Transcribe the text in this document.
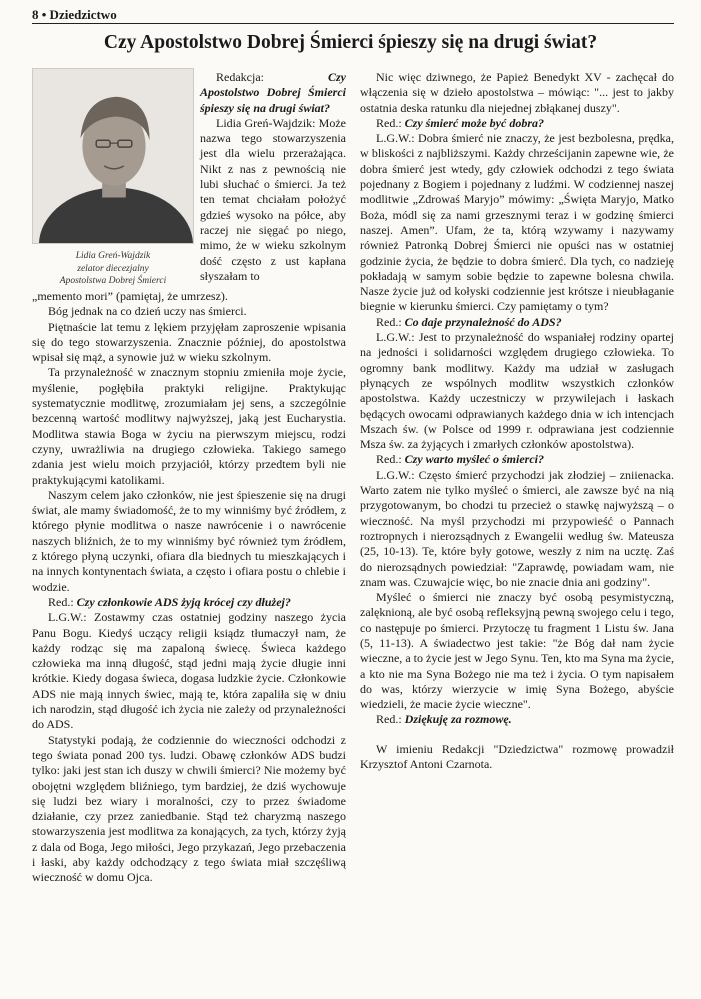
8 • Dziedzictwo
Czy Apostolstwo Dobrej Śmierci śpieszy się na drugi świat?
Lidia Greń-Wajdzik
zelator diecezjalny
Apostolstwa Dobrej Śmierci

Redakcja: Czy Apostolstwo Dobrej Śmierci śpieszy się na drugi świat?

Lidia Greń-Wajdzik: Może nazwa tego stowarzyszenia jest dla wielu przerażająca. Nikt z nas z pewnością nie lubi słuchać o śmierci. Ja też ten temat chciałam położyć gdzieś wysoko na półce, aby raczej nie sięgać po niego, mimo, że w wieku szkolnym dość często z ust kapłana słyszałam to

„memento mori” (pamiętaj, że umrzesz).

Bóg jednak na co dzień uczy nas śmierci.

Piętnaście lat temu z lękiem przyjęłam zaproszenie wpisania się do tego stowarzyszenia. Znacznie później, do apostolstwa wpisał się mąż, a synowie już w wieku szkolnym.

Ta przynależność w znacznym stopniu zmieniła moje życie, myślenie, pogłębiła praktyki religijne. Praktykując systematycznie modlitwę, zrozumiałam jej sens, a szczególnie bezcenną wartość modlitwy najwyższej, jaką jest Eucharystia. Modlitwa stawia Boga w życiu na pierwszym miejscu, rodzi czyny, uwrażliwia na drugiego człowieka. Takiego samego zdania jest wielu moich przyjaciół, którzy przedtem byli nie praktykującymi katolikami.

Naszym celem jako członków, nie jest śpieszenie się na drugi świat, ale mamy świadomość, że to my winniśmy być źródłem, z którego płynie modlitwa o nasze nawrócenie i o nawrócenie naszych bliźnich, że to my winniśmy być również tym źródłem, z którego płyną uczynki, ofiara dla biednych tu mieszkających i na innych kontynentach świata, a często i ofiara postu o chlebie i wodzie.

Red.: Czy członkowie ADS żyją krócej czy dłużej?

L.G.W.: Zostawmy czas ostatniej godziny naszego życia Panu Bogu. Kiedyś uczący religii ksiądz tłumaczył nam, że każdy rodząc się ma zapaloną świecę. Świeca każdego człowieka ma inną długość, stąd jedni mają życie długie inni krótkie. Kiedy dogasa świeca, dogasa ludzkie życie. Członkowie ADS nie mają innych świec, mają te, która zapaliła się w dniu ich narodzin, stąd długość ich życia nie zależy od przynależności do ADS.

Statystyki podają, że codziennie do wieczności odchodzi z tego świata ponad 200 tys. ludzi. Obawę członków ADS budzi tylko: jaki jest stan ich duszy w chwili śmierci? Nie możemy być obojętni względem bliźniego, tym bardziej, że dziś wychowuje się ludzi bez wiary i moralności, czy to przez świadome działanie, czy przez zaniedbanie. Stąd też charyzmą naszego stowarzyszenia jest modlitwa za konających, za tych, którzy żyją z dala od Boga, Jego miłości, Jego przykazań, Jego przebaczenia i łaski, aby każdy odchodzący z tego świata miał szczęśliwą wieczność w domu Ojca.

Nic więc dziwnego, że Papież Benedykt XV - zachęcał do włączenia się w dzieło apostolstwa – mówiąc: "... jest to jakby ostatnia deska ratunku dla niejednej zbłąkanej duszy".

Red.: Czy śmierć może być dobra?

L.G.W.: Dobra śmierć nie znaczy, że jest bezbolesna, prędka, w bliskości z najbliższymi. Każdy chrześcijanin zapewne wie, że dobra śmierć jest wtedy, gdy człowiek odchodzi z tego świata pojednany z Bogiem i pojednany z ludźmi. W codziennej naszej modlitwie „Zdrowaś Maryjo” mówimy: „Święta Maryjo, Matko Boża, módl się za nami grzesznymi teraz i w godzinę śmierci naszej. Amen”. Ufam, że ta, którą wzywamy i nazywamy również Patronką Dobrej Śmierci nie opuści nas w ostatniej godzinie życia, że będzie to dobra śmierć. Dla tych, co nadzieję pokładają w samym sobie będzie to zapewne bolesna chwila. Nasze życie już od kołyski codziennie jest krótsze i nieubłaganie biegnie w kierunku śmierci. Czy pamiętamy o tym?

Red.: Co daje przynależność do ADS?

L.G.W.: Jest to przynależność do wspaniałej rodziny opartej na jedności i solidarności względem drugiego człowieka. To ogromny bank modlitwy. Każdy ma udział w zasługach płynących ze wspólnych modlitw wszystkich członków apostolstwa. Każdy uczestniczy w przywilejach i łaskach będących owocami odprawianych każdego dnia w ich intencjach Mszach św. (w Polsce od 1999 r. odprawiana jest codziennie Msza św. za żyjących i zmarłych członków apostolstwa).

Red.: Czy warto myśleć o śmierci?

L.G.W.: Często śmierć przychodzi jak złodziej – zniienacka. Warto zatem nie tylko myśleć o śmierci, ale zawsze być na nią przygotowanym, bo chodzi tu przecież o stawkę najwyższą – o wieczność. Na myśl przychodzi mi przypowieść o Pannach roztropnych i nierozsądnych z Ewangelii według św. Mateusza (25, 10-13). Te, które były gotowe, weszły z nim na ucztę. Zaś do nierozsądnych powiedział: "Zaprawdę, powiadam wam, nie znam was. Czuwajcie więc, bo nie znacie dnia ani godziny".

Myśleć o śmierci nie znaczy być osobą pesymistyczną, zalęknioną, ale być osobą refleksyjną pewną swojego celu i tego, co następuje po śmierci. Przytoczę tu fragment 1 Listu św. Jana (5, 11-13). A świadectwo jest takie: "że Bóg dał nam życie wieczne, a to życie jest w Jego Synu. Ten, kto ma Syna ma życie, a kto nie ma Syna Bożego nie ma też i życia. O tym napisałem do was, którzy wierzycie w imię Syna Bożego, abyście wiedzieli, że macie życie wieczne".

Red.: Dziękuję za rozmowę.

W imieniu Redakcji "Dziedzictwa" rozmowę prowadził Krzysztof Antoni Czarnota.
